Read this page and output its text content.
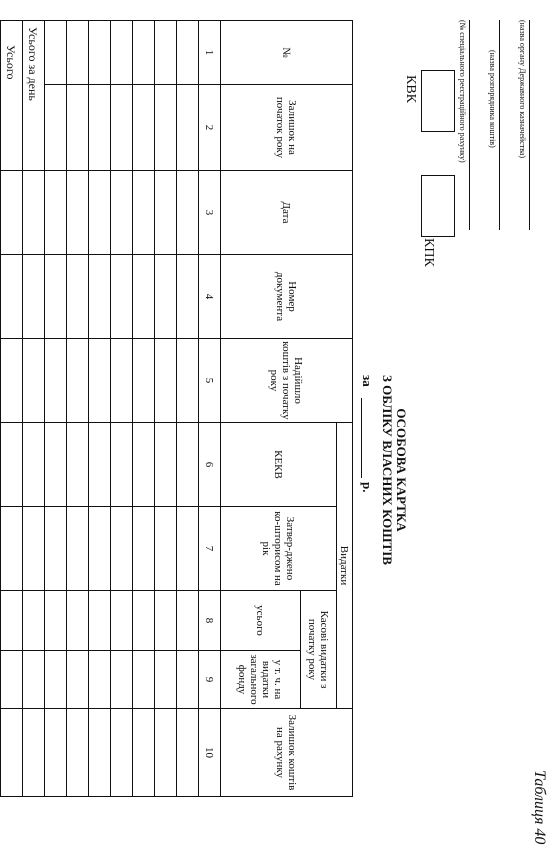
Таблиця 40
(назва органу Державного казначейства)
(назва розпорядника коштів)
(№ спеціального реєстраційного рахунку)
КВК
КПК
ОСОБОВА КАРТКА
З ОБЛІКУ ВЛАСНИХ КОШТІВ
за
р.
№	Залишок на початок року	Дата	Номер документа	Надійшло коштів з початку року	Видатки				Залишок коштів на рахунку
					КЕКВ	Затвер-джено ко-шторисом на рік	Касові видатки з початку року		
							усього	у т. ч. на видатки загального фонду	
1	2	3	4	5	6	7	8	9	10

Усього за день									
Усього									
